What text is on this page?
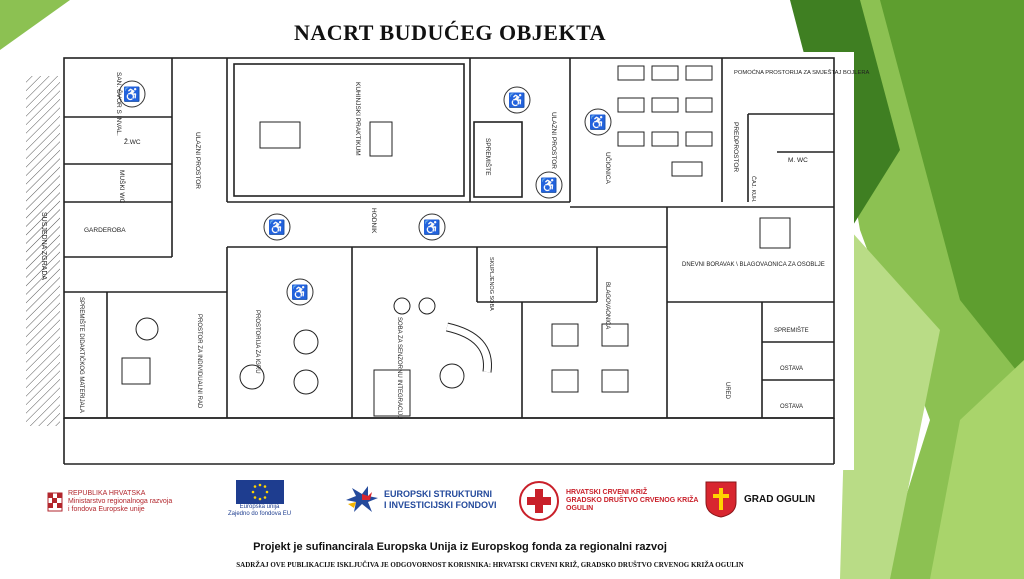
NACRT BUDUĆEG OBJEKTA
SUSJEDNA ZGRADA
♿	♿
♿
♿
♿	♿
♿
SAN. ČVOR S INVAL.
Ž.WC
MUŠKI WC
GARDEROBA
ULAZNI PROSTOR
KUHINJSKI PRAKTIKUM
SPREMIŠTE	ULAZNI PROSTOR	UČIONICA
POMOĆNA PROSTORIJA ZA SMJEŠTAJ BOJLERA
PREDPROSTOR	M. WC
ČAJ. KUH.
HODNIK
DNEVNI BORAVAK \ BLAGOVAONICA ZA OSOBLJE
SPREMIŠTE DIDAKTIČKOG MATERIJALA	PROSTOR ZA INDIVIDUALNI RAD	PROSTORIJA ZA IGRU	SOBA ZA SENZORNU INTEGRACIJU
SKUPLJENOG SOBA	BLAGOVAONICA
URED
SPREMIŠTE
OSTAVA
OSTAVA
REPUBLIKA HRVATSKA
Ministarstvo regionalnoga razvoja
i fondova Europske unije	Europska unija
Zajedno do fondova EU
EUROPSKI STRUKTURNI
I INVESTICIJSKI FONDOVI
HRVATSKI CRVENI KRIŽ
GRADSKO DRUŠTVO CRVENOG KRIŽA
OGULIN
GRAD OGULIN
Projekt je sufinancirala Europska Unija iz Europskog fonda za regionalni razvoj
SADRŽAJ OVE PUBLIKACIJE ISKLJUČIVA JE ODGOVORNOST KORISNIKA: HRVATSKI CRVENI KRIŽ, GRADSKO DRUŠTVO CRVENOG KRIŽA OGULIN
